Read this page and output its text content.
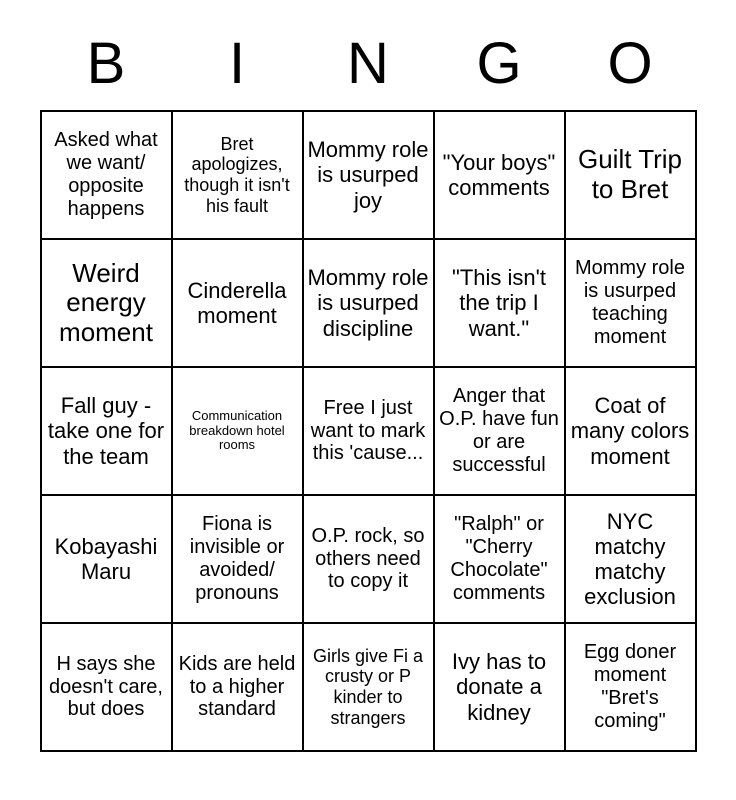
B	I	N	G	O
Asked what we want/ opposite happens	Bret apologizes, though it isn't his fault	Mommy role is usurped joy	"Your boys" comments	Guilt Trip to Bret
Weird energy moment	Cinderella moment	Mommy role is usurped discipline	"This isn't the trip I want."	Mommy role is usurped teaching moment
Fall guy - take one for the team	Communication breakdown hotel rooms	Free I just want to mark this 'cause...	Anger that O.P. have fun or are successful	Coat of many colors moment
Kobayashi Maru	Fiona is invisible or avoided/ pronouns	O.P. rock, so others need to copy it	"Ralph" or "Cherry Chocolate" comments	NYC matchy matchy exclusion
H says she doesn't care, but does	Kids are held to a higher standard	Girls give Fi a crusty or P kinder to strangers	Ivy has to donate a kidney	Egg doner moment "Bret's coming"
